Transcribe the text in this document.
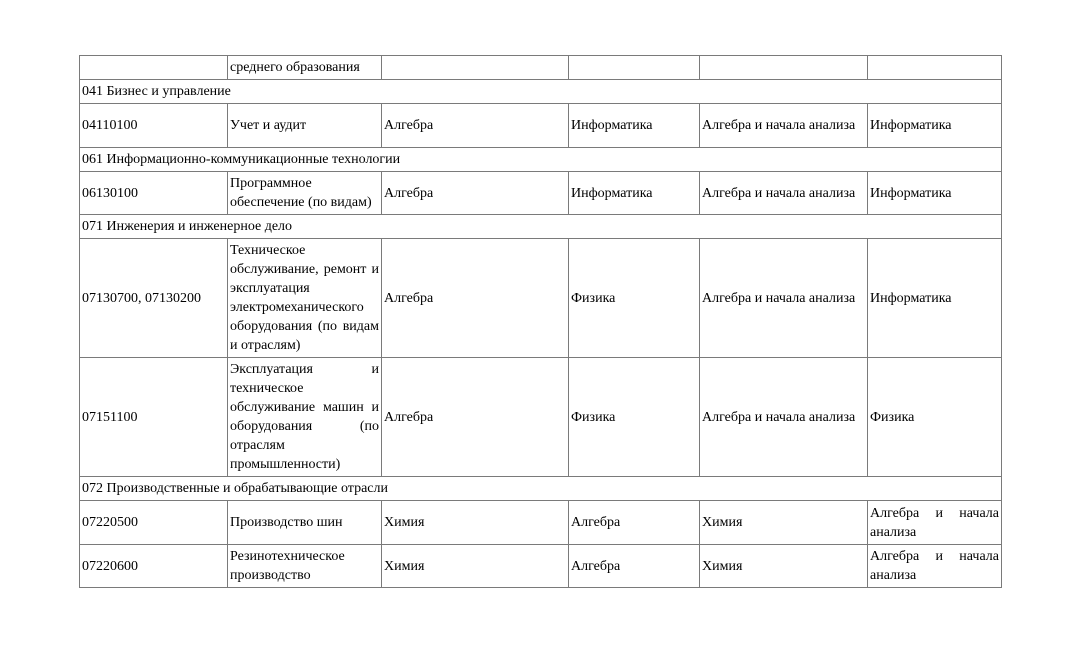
	среднего образования				
041 Бизнес и управление					
04110100	Учет и аудит	Алгебра	Информатика	Алгебра и начала анализа	Информатика
061 Информационно-коммуникационные технологии					
06130100	Программное обеспечение (по видам)	Алгебра	Информатика	Алгебра и начала анализа	Информатика
071 Инженерия и инженерное дело					
07130700, 07130200	Техническое обслуживание, ремонт и эксплуатация электромеханического оборудования (по видам и отраслям)	Алгебра	Физика	Алгебра и начала анализа	Информатика
07151100	Эксплуатация и техническое обслуживание машин и оборудования (по отраслям промышленности)	Алгебра	Физика	Алгебра и начала анализа	Физика
072 Производственные и обрабатывающие отрасли					
07220500	Производство шин	Химия	Алгебра	Химия	Алгебра и начала анализа
07220600	Резинотехническое производство	Химия	Алгебра	Химия	Алгебра и начала анализа
